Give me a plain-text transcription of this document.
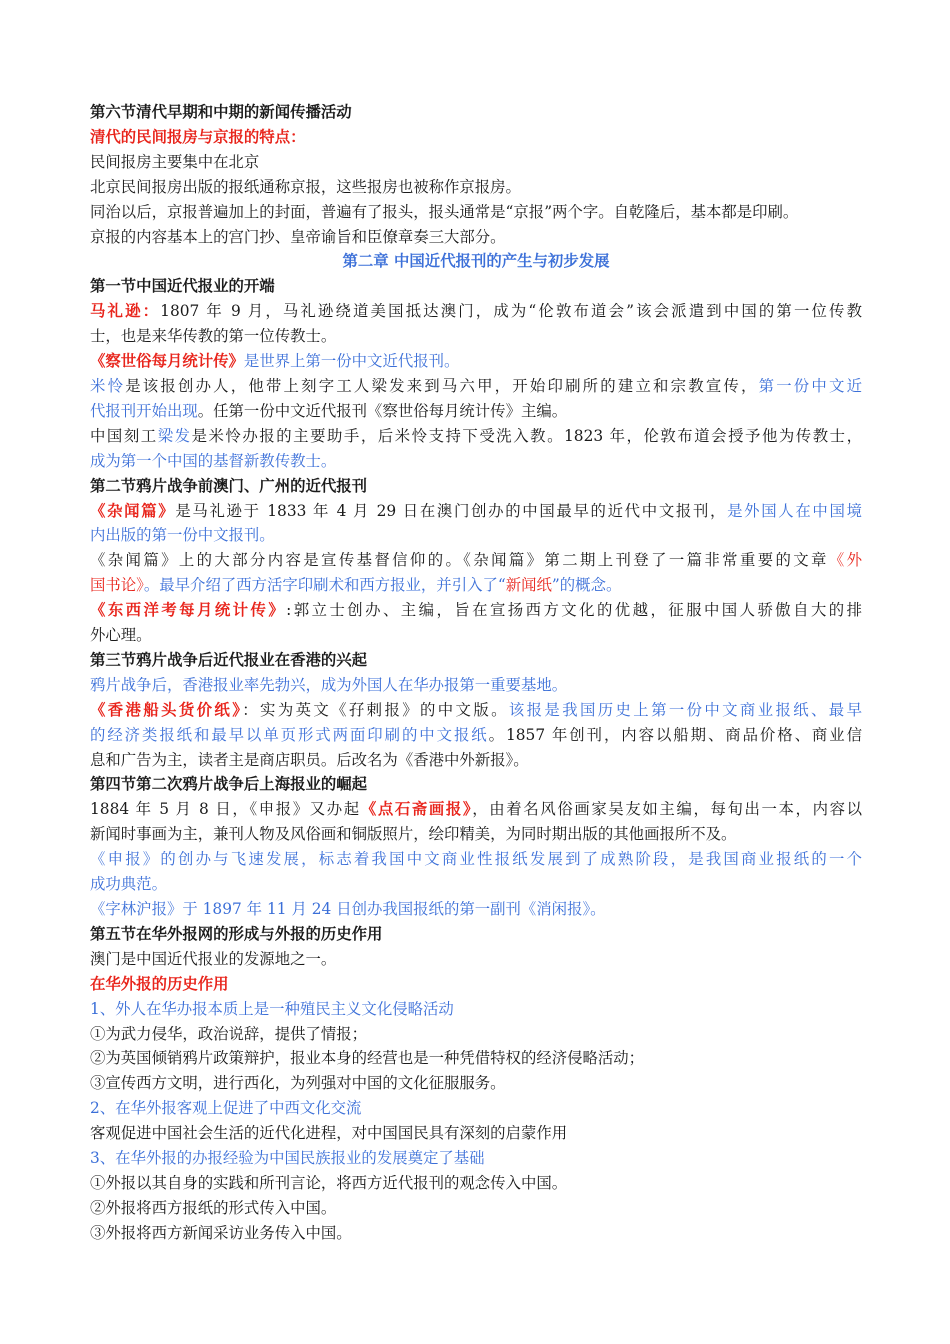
第六节清代早期和中期的新闻传播活动
清代的民间报房与京报的特点：
民间报房主要集中在北京
北京民间报房出版的报纸通称京报，这些报房也被称作京报房。
同治以后，京报普遍加上的封面，普遍有了报头，报头通常是“京报”两个字。自乾隆后，基本都是印刷。
京报的内容基本上的宫门抄、皇帝谕旨和臣僚章奏三大部分。
第二章 中国近代报刊的产生与初步发展
第一节中国近代报业的开端
马礼逊：1807 年 9 月，马礼逊绕道美国抵达澳门，成为“伦敦布道会”该会派遣到中国的第一位传教
士，也是来华传教的第一位传教士。
《察世俗每月统计传》是世界上第一份中文近代报刊。
米怜是该报创办人，他带上刻字工人梁发来到马六甲，开始印刷所的建立和宗教宣传，第一份中文近
代报刊开始出现。任第一份中文近代报刊《察世俗每月统计传》主编。
中国刻工梁发是米怜办报的主要助手，后米怜支持下受洗入教。1823 年，伦敦布道会授予他为传教士，
成为第一个中国的基督新教传教士。
第二节鸦片战争前澳门、广州的近代报刊
《杂闻篇》是马礼逊于 1833 年 4 月 29 日在澳门创办的中国最早的近代中文报刊，是外国人在中国境
内出版的第一份中文报刊。
《杂闻篇》上的大部分内容是宣传基督信仰的。《杂闻篇》第二期上刊登了一篇非常重要的文章《外
国书论》。最早介绍了西方活字印刷术和西方报业，并引入了“新闻纸”的概念。
《东西洋考每月统计传》:郭立士创办、主编，旨在宣扬西方文化的优越，征服中国人骄傲自大的排
外心理。
第三节鸦片战争后近代报业在香港的兴起
鸦片战争后，香港报业率先勃兴，成为外国人在华办报第一重要基地。
《香港船头货价纸》：实为英文《孖剌报》的中文版。该报是我国历史上第一份中文商业报纸、最早
的经济类报纸和最早以单页形式两面印刷的中文报纸。1857 年创刊，内容以船期、商品价格、商业信
息和广告为主，读者主是商店职员。后改名为《香港中外新报》。
第四节第二次鸦片战争后上海报业的崛起
1884 年 5 月 8 日，《申报》又办起《点石斋画报》，由着名风俗画家吴友如主编，每旬出一本，内容以
新闻时事画为主，兼刊人物及风俗画和铜版照片，绘印精美，为同时期出版的其他画报所不及。
《申报》的创办与飞速发展，标志着我国中文商业性报纸发展到了成熟阶段，是我国商业报纸的一个
成功典范。
《字林沪报》于 1897 年 11 月 24 日创办我国报纸的第一副刊《消闲报》。
第五节在华外报网的形成与外报的历史作用
澳门是中国近代报业的发源地之一。
在华外报的历史作用
1、外人在华办报本质上是一种殖民主义文化侵略活动
①为武力侵华，政治说辞，提供了情报；
②为英国倾销鸦片政策辩护，报业本身的经营也是一种凭借特权的经济侵略活动；
③宣传西方文明，进行西化，为列强对中国的文化征服服务。
2、在华外报客观上促进了中西文化交流
客观促进中国社会生活的近代化进程，对中国国民具有深刻的启蒙作用
3、在华外报的办报经验为中国民族报业的发展奠定了基础
①外报以其自身的实践和所刊言论，将西方近代报刊的观念传入中国。
②外报将西方报纸的形式传入中国。
③外报将西方新闻采访业务传入中国。
